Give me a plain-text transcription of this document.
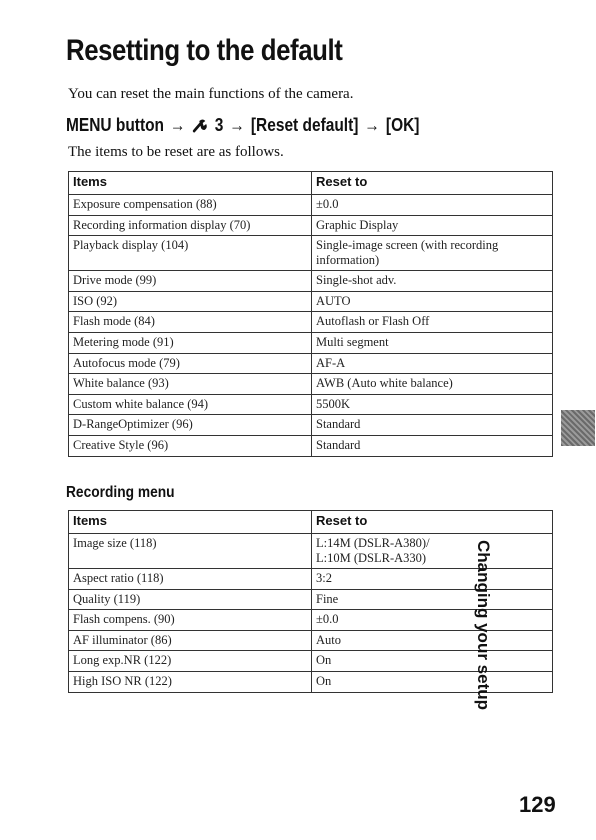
Resetting to the default
You can reset the main functions of the camera.
MENU button → 3 → [Reset default] → [OK]
The items to be reset are as follows.
Items	Reset to
Exposure compensation (88)	±0.0
Recording information display (70)	Graphic Display
Playback display (104)	Single-image screen (with recording information)
Drive mode (99)	Single-shot adv.
ISO (92)	AUTO
Flash mode (84)	Autoflash or Flash Off
Metering mode (91)	Multi segment
Autofocus mode (79)	AF-A
White balance (93)	AWB (Auto white balance)
Custom white balance (94)	5500K
D-RangeOptimizer (96)	Standard
Creative Style (96)	Standard
Recording menu
Items	Reset to
Image size (118)	L:14M (DSLR-A380)/
L:10M (DSLR-A330)
Aspect ratio (118)	3:2
Quality (119)	Fine
Flash compens. (90)	±0.0
AF illuminator (86)	Auto
Long exp.NR (122)	On
High ISO NR (122)	On	Changing your setup
129
